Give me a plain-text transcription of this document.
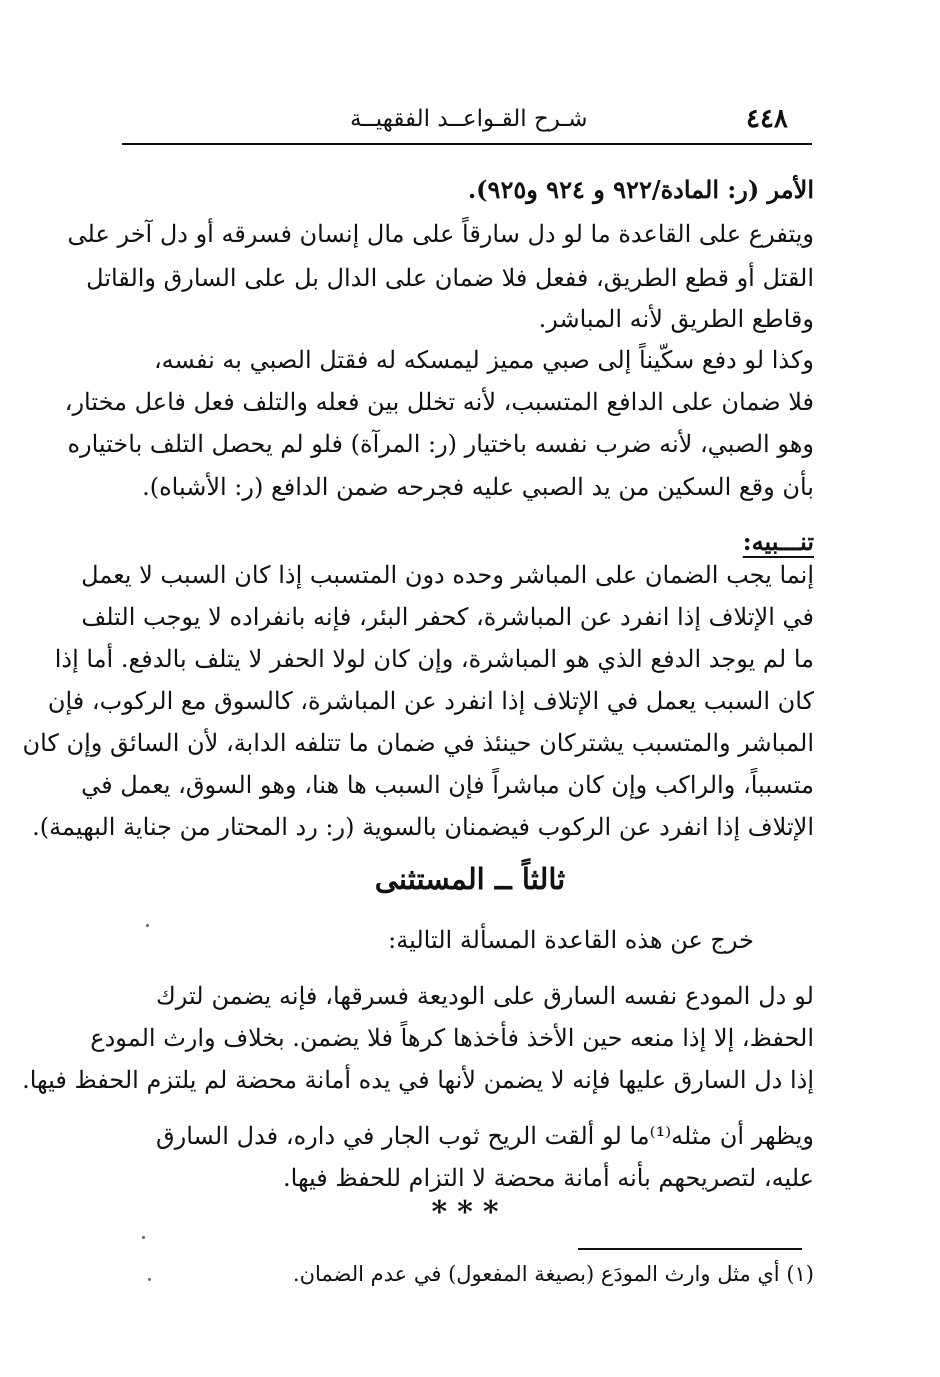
٤٤٨
شـرح القـواعــد الفقهيــة
الأمر (ر: المادة/٩٢٢ و ٩٢٤ و٩٢٥).
ويتفرع على القاعدة ما لو دل سارقاً على مال إنسان فسرقه أو دل آخر على
القتل أو قطع الطريق، ففعل فلا ضمان على الدال بل على السارق والقاتل
وقاطع الطريق لأنه المباشر.
وكذا لو دفع سكّيناً إلى صبي مميز ليمسكه له فقتل الصبي به نفسه،
فلا ضمان على الدافع المتسبب، لأنه تخلل بين فعله والتلف فعل فاعل مختار،
وهو الصبي، لأنه ضرب نفسه باختيار (ر: المرآة) فلو لم يحصل التلف باختياره
بأن وقع السكين من يد الصبي عليه فجرحه ضمن الدافع (ر: الأشباه).
تنـــبيه:
إنما يجب الضمان على المباشر وحده دون المتسبب إذا كان السبب لا يعمل
في الإتلاف إذا انفرد عن المباشرة، كحفر البئر، فإنه بانفراده لا يوجب التلف
ما لم يوجد الدفع الذي هو المباشرة، وإن كان لولا الحفر لا يتلف بالدفع. أما إذا
كان السبب يعمل في الإتلاف إذا انفرد عن المباشرة، كالسوق مع الركوب، فإن
المباشر والمتسبب يشتركان حينئذ في ضمان ما تتلفه الدابة، لأن السائق وإن كان
متسبباً، والراكب وإن كان مباشراً فإن السبب ها هنا، وهو السوق، يعمل في
الإتلاف إذا انفرد عن الركوب فيضمنان بالسوية (ر: رد المحتار من جناية البهيمة).
ثالثاً ــ المستثنى
خرج عن هذه القاعدة المسألة التالية:
لو دل المودع نفسه السارق على الوديعة فسرقها، فإنه يضمن لترك
الحفظ، إلا إذا منعه حين الأخذ فأخذها كرهاً فلا يضمن. بخلاف وارث المودع
إذا دل السارق عليها فإنه لا يضمن لأنها في يده أمانة محضة لم يلتزم الحفظ فيها.
ويظهر أن مثله⁽¹⁾ما لو ألقت الريح ثوب الجار في داره، فدل السارق
عليه، لتصريحهم بأنه أمانة محضة لا التزام للحفظ فيها.
***
(١) أي مثل وارث المودَع (بصيغة المفعول) في عدم الضمان.
